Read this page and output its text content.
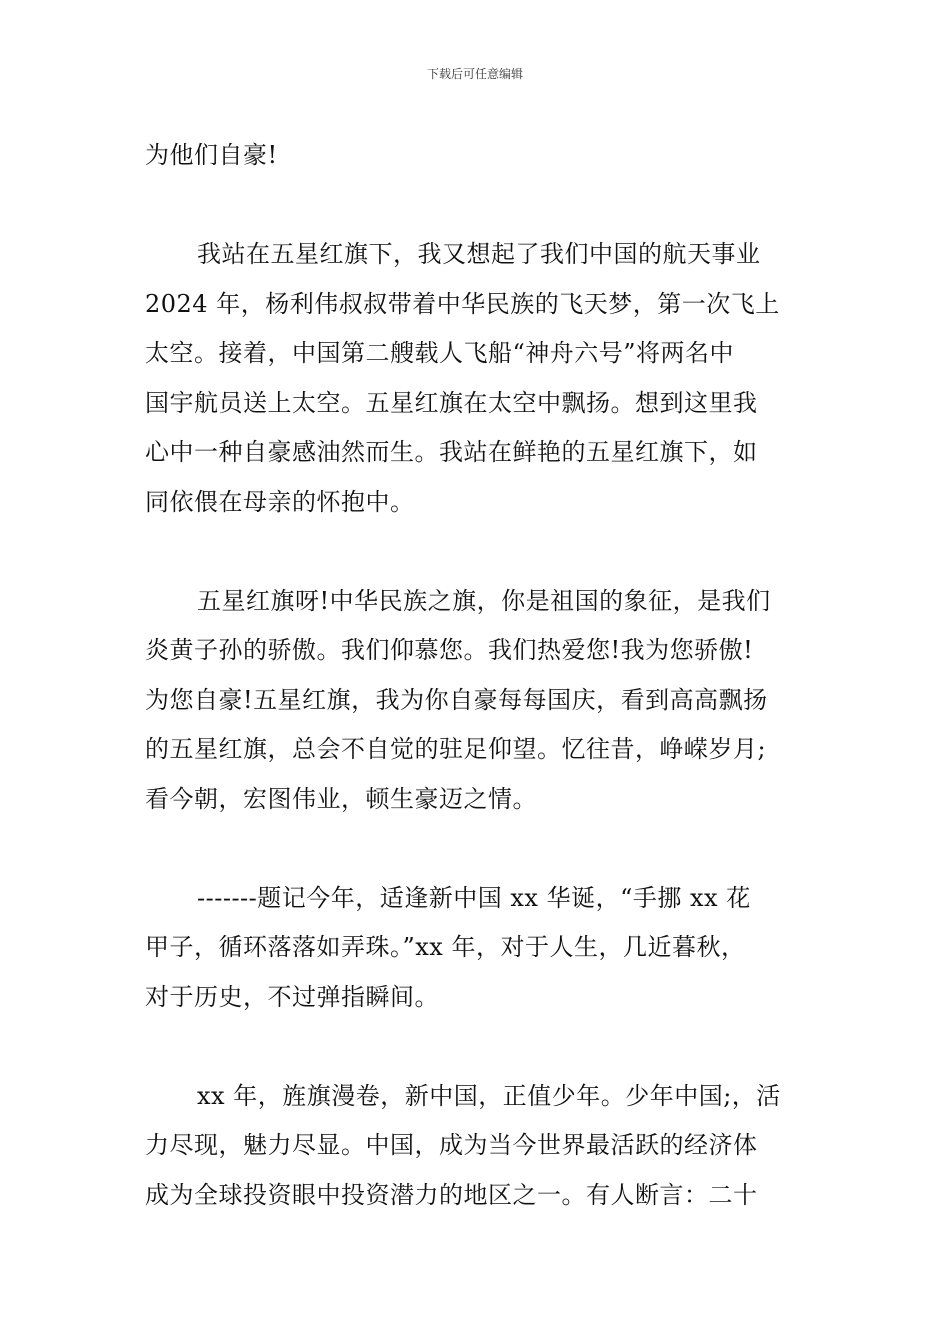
下载后可任意编辑
为他们自豪!
我站在五星红旗下，我又想起了我们中国的航天事业
2024 年，杨利伟叔叔带着中华民族的飞天梦，第一次飞上
太空。接着，中国第二艘载人飞船“神舟六号”将两名中
国宇航员送上太空。五星红旗在太空中飘扬。想到这里我
心中一种自豪感油然而生。我站在鲜艳的五星红旗下，如
同依偎在母亲的怀抱中。
五星红旗呀!中华民族之旗，你是祖国的象征，是我们
炎黄子孙的骄傲。我们仰慕您。我们热爱您!我为您骄傲!
为您自豪!五星红旗，我为你自豪每每国庆，看到高高飘扬
的五星红旗，总会不自觉的驻足仰望。忆往昔，峥嵘岁月;
看今朝，宏图伟业，顿生豪迈之情。
-------题记今年，适逢新中国 xx 华诞，“手挪 xx 花
甲子，循环落落如弄珠。”xx 年，对于人生，几近暮秋，
对于历史，不过弹指瞬间。
xx 年，旌旗漫卷，新中国，正值少年。少年中国;，活
力尽现，魅力尽显。中国，成为当今世界最活跃的经济体
成为全球投资眼中投资潜力的地区之一。有人断言：二十
